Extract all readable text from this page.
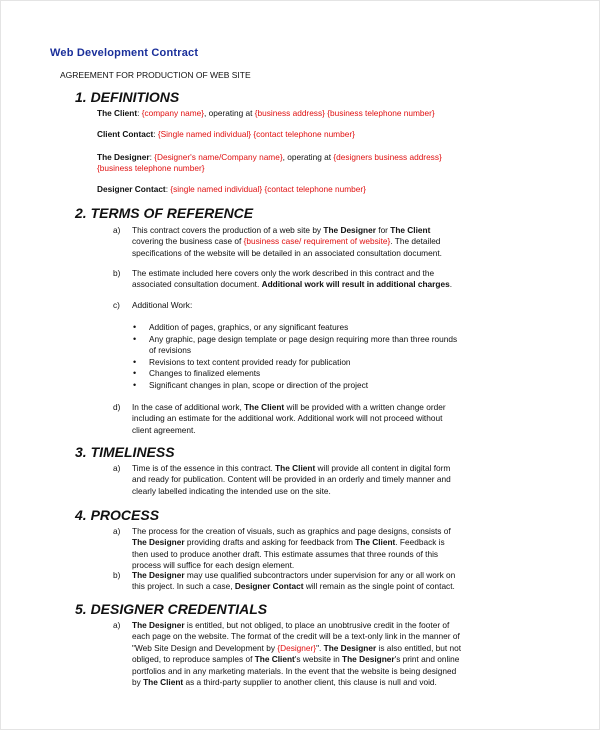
Web Development Contract
AGREEMENT FOR PRODUCTION OF WEB SITE
1. DEFINITIONS
The Client: {company name}, operating at {business address} {business telephone number}
Client Contact: {Single named individual} {contact telephone number}
The Designer: {Designer's name/Company name}, operating at {designers business address}
{business telephone number}
Designer Contact: {single named individual} {contact telephone number}
2. TERMS OF REFERENCE
a) This contract covers the production of a web site by The Designer for The Client
covering the business case of {business case/ requirement of website}. The detailed
specifications of the website will be detailed in an associated consultation document.
b) The estimate included here covers only the work described in this contract and the
associated consultation document. Additional work will result in additional charges.
c) Additional Work:
• Addition of pages, graphics, or any significant features
• Any graphic, page design template or page design requiring more than three rounds
of revisions
• Revisions to text content provided ready for publication
• Changes to finalized elements
• Significant changes in plan, scope or direction of the project
d) In the case of additional work, The Client will be provided with a written change order
including an estimate for the additional work. Additional work will not proceed without
client agreement.
3. TIMELINESS
a) Time is of the essence in this contract. The Client will provide all content in digital form
and ready for publication. Content will be provided in an orderly and timely manner and
clearly labelled indicating the intended use on the site.
4. PROCESS
a) The process for the creation of visuals, such as graphics and page designs, consists of
The Designer providing drafts and asking for feedback from The Client. Feedback is
then used to produce another draft. This estimate assumes that three rounds of this
process will suffice for each design element.
b) The Designer may use qualified subcontractors under supervision for any or all work on
this project. In such a case, Designer Contact will remain as the single point of contact.
5. DESIGNER CREDENTIALS
a) The Designer is entitled, but not obliged, to place an unobtrusive credit in the footer of
each page on the website. The format of the credit will be a text-only link in the manner of
"Web Site Design and Development by {Designer}". The Designer is also entitled, but not
obliged, to reproduce samples of The Client's website in The Designer's print and online
portfolios and in any marketing materials. In the event that the website is being designed
by The Client as a third-party supplier to another client, this clause is null and void.
